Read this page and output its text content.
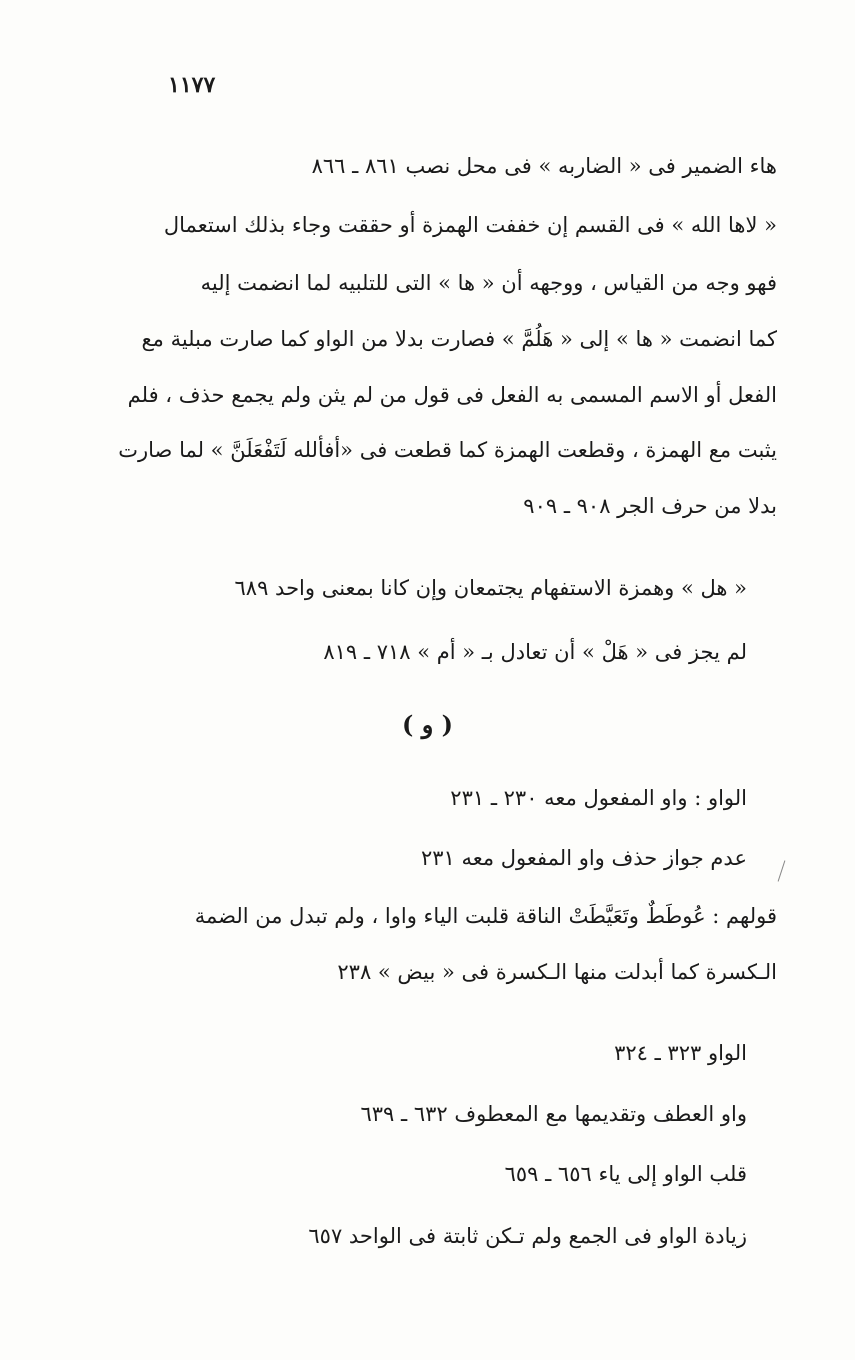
١١٧٧
هاء الضمير فى « الضاربه » فى محل نصب ٨٦١ ـ ٨٦٦
« لاها الله » فى القسم إن خففت الهمزة أو حققت وجاء بذلك استعمال
فهو وجه من القياس ، ووجهه أن « ها » التى للتلبيه لما انضمت إليه
كما انضمت « ها » إلى « هَلُمَّ » فصارت بدلا من الواو كما صارت مبلية مع
الفعل أو الاسم المسمى به الفعل فى قول من لم يثن ولم يجمع حذف ، فلم
يثبت مع الهمزة ، وقطعت الهمزة كما قطعت فى «أفألله لَتَفْعَلَنَّ » لما صارت
بدلا من حرف الجر ٩٠٨ ـ ٩٠٩
« هل » وهمزة الاستفهام يجتمعان وإن كانا بمعنى واحد ٦٨٩
لم يجز فى « هَلْ » أن تعادل بـ « أم » ٧١٨ ـ ٨١٩
( و )
الواو : واو المفعول معه ٢٣٠ ـ ٢٣١
عدم جواز حذف واو المفعول معه ٢٣١
قولهم : عُوطَطٌ وتَعَيَّطَتْ الناقة قلبت الياء واوا ، ولم تبدل من الضمة
الـكسرة كما أبدلت منها الـكسرة فى « بيض » ٢٣٨
الواو ٣٢٣ ـ ٣٢٤
واو العطف وتقديمها مع المعطوف ٦٣٢ ـ ٦٣٩
قلب الواو إلى ياء ٦٥٦ ـ ٦٥٩
زيادة الواو فى الجمع ولم تـكن ثابتة فى الواحد ٦٥٧
